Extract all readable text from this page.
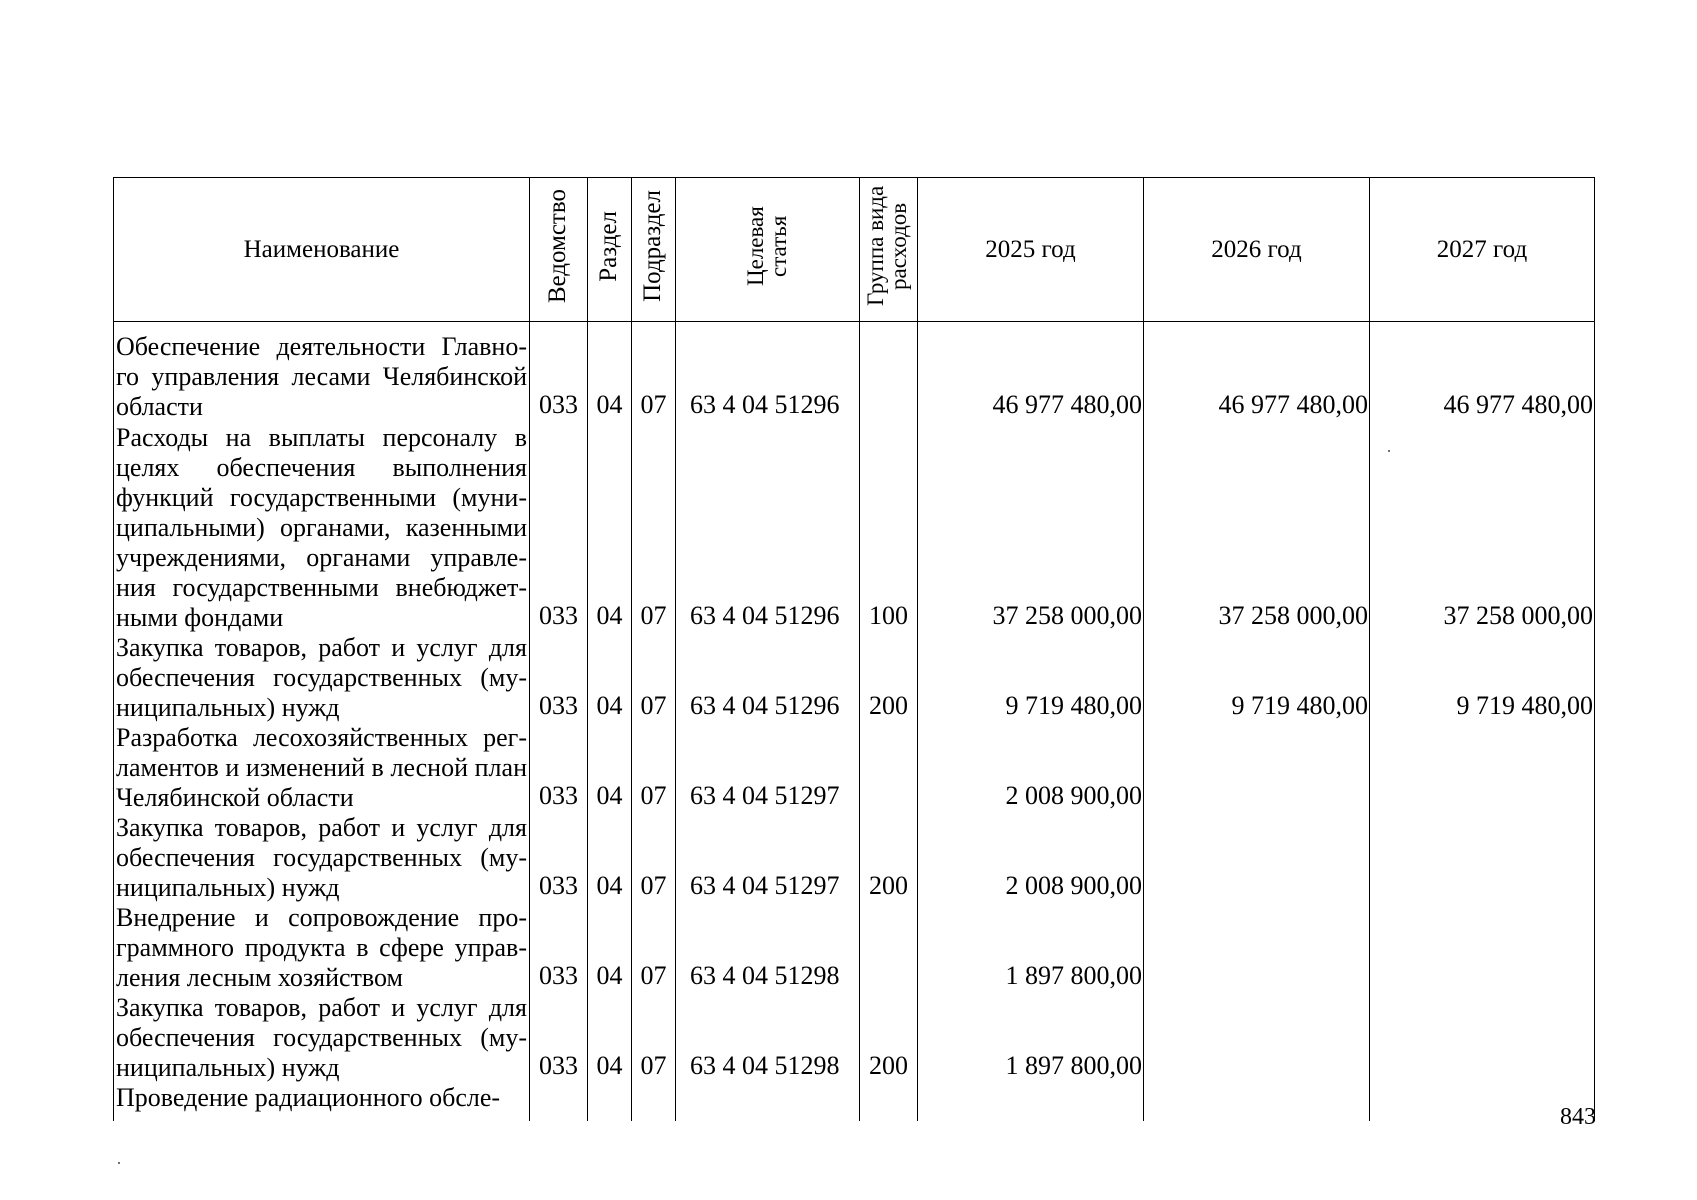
Наименование	Ведомство	Раздел	Подраздел	Целевая статья	Группа вида расходов	2025 год	2026 год	2027 год
Обеспечение деятельности Главно-го управления лесами Челябинской области	033	04	07	63 4 04 51296		46 977 480,00	46 977 480,00	46 977 480,00
Расходы на выплаты персоналу в целях обеспечения выполнения функций государственными (муни-ципальными) органами, казенными учреждениями, органами управле-ния государственными внебюджет-ными фондами	033	04	07	63 4 04 51296	100	37 258 000,00	37 258 000,00	37 258 000,00
Закупка товаров, работ и услуг для обеспечения государственных (му-ниципальных) нужд	033	04	07	63 4 04 51296	200	9 719 480,00	9 719 480,00	9 719 480,00
Разработка лесохозяйственных рег-ламентов и изменений в лесной план Челябинской области	033	04	07	63 4 04 51297		2 008 900,00		
Закупка товаров, работ и услуг для обеспечения государственных (му-ниципальных) нужд	033	04	07	63 4 04 51297	200	2 008 900,00		
Внедрение и сопровождение про-граммного продукта в сфере управ-ления лесным хозяйством	033	04	07	63 4 04 51298		1 897 800,00		
Закупка товаров, работ и услуг для обеспечения государственных (му-ниципальных) нужд	033	04	07	63 4 04 51298	200	1 897 800,00		
Проведение радиационного обсле-								
843
